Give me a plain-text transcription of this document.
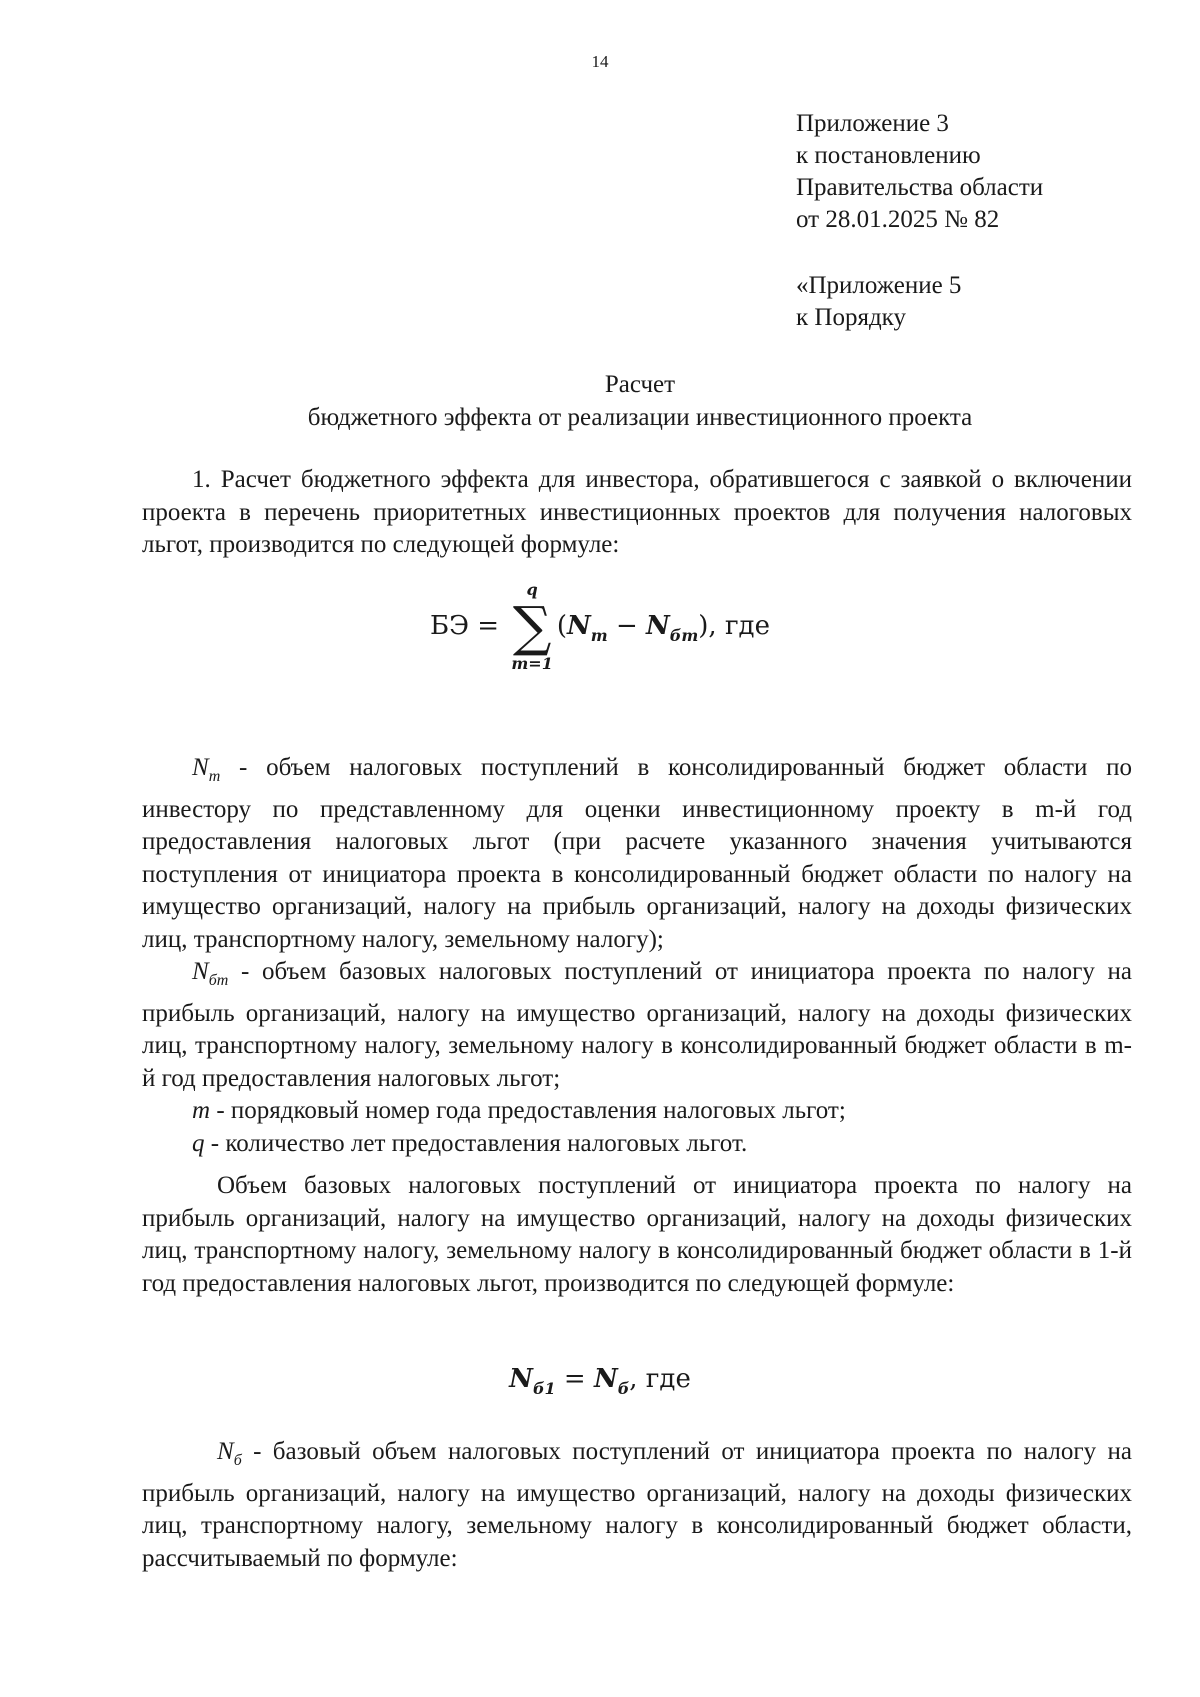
14
Приложение 3
к постановлению
Правительства области
от 28.01.2025 № 82
«Приложение 5
к Порядку
Расчет
бюджетного эффекта от реализации инвестиционного проекта

1. Расчет бюджетного эффекта для инвестора, обратившегося с заявкой о включении проекта в перечень приоритетных инвестиционных проектов для получения налоговых льгот, производится по следующей формуле:

БЭ =
q
∑
m=1
$(N_m - N_{бm})$, где

$N_m$ - объем налоговых поступлений в консолидированный бюджет области по инвестору по представленному для оценки инвестиционному проекту в m-й год предоставления налоговых льгот (при расчете указанного значения учитываются поступления от инициатора проекта в консолидированный бюджет области по налогу на имущество организаций, налогу на прибыль организаций, налогу на доходы физических лиц, транспортному налогу, земельному налогу);

$N_{бm}$ - объем базовых налоговых поступлений от инициатора проекта по налогу на прибыль организаций, налогу на имущество организаций, налогу на доходы физических лиц, транспортному налогу, земельному налогу в консолидированный бюджет области в m-й год предоставления налоговых льгот;

m - порядковый номер года предоставления налоговых льгот;

q - количество лет предоставления налоговых льгот.

Объем базовых налоговых поступлений от инициатора проекта по налогу на прибыль организаций, налогу на имущество организаций, налогу на доходы физических лиц, транспортному налогу, земельному налогу в консолидированный бюджет области в 1-й год предоставления налоговых льгот, производится по следующей формуле:

$N_{б1} = N_б$, где

$N_б$ - базовый объем налоговых поступлений от инициатора проекта по налогу на прибыль организаций, налогу на имущество организаций, налогу на доходы физических лиц, транспортному налогу, земельному налогу в консолидированный бюджет области, рассчитываемый по формуле:
